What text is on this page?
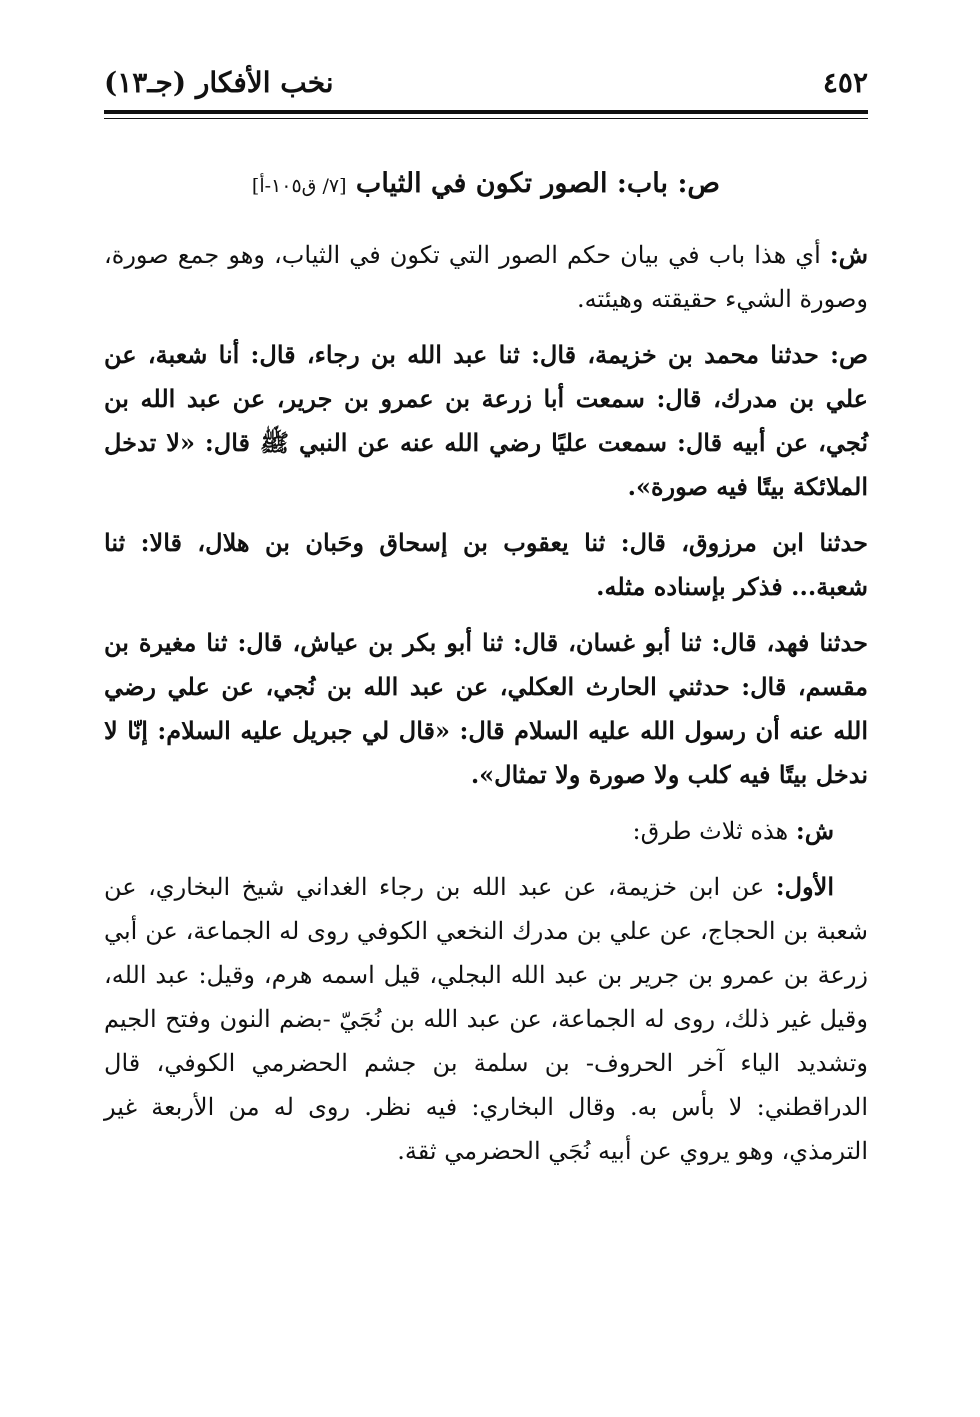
٤٥٢
نخب الأفكار (جـ١٣)
ص: باب: الصور تكون في الثياب [٧/ ق١٠٥-أ]

ش: أي هذا باب في بيان حكم الصور التي تكون في الثياب، وهو جمع صورة، وصورة الشيء حقيقته وهيئته.

ص: حدثنا محمد بن خزيمة، قال: ثنا عبد الله بن رجاء، قال: أنا شعبة، عن علي بن مدرك، قال: سمعت أبا زرعة بن عمرو بن جرير، عن عبد الله بن نُجي، عن أبيه قال: سمعت عليًا رضي الله عنه عن النبي ﷺ قال: «لا تدخل الملائكة بيتًا فيه صورة».

حدثنا ابن مرزوق، قال: ثنا يعقوب بن إسحاق وحَبان بن هلال، قالا: ثنا شعبة... فذكر بإسناده مثله.

حدثنا فهد، قال: ثنا أبو غسان، قال: ثنا أبو بكر بن عياش، قال: ثنا مغيرة بن مقسم، قال: حدثني الحارث العكلي، عن عبد الله بن نُجي، عن علي رضي الله عنه أن رسول الله عليه السلام قال: «قال لي جبريل عليه السلام: إنّا لا ندخل بيتًا فيه كلب ولا صورة ولا تمثال».

ش: هذه ثلاث طرق:

الأول: عن ابن خزيمة، عن عبد الله بن رجاء الغداني شيخ البخاري، عن شعبة بن الحجاج، عن علي بن مدرك النخعي الكوفي روى له الجماعة، عن أبي زرعة بن عمرو بن جرير بن عبد الله البجلي، قيل اسمه هرم، وقيل: عبد الله، وقيل غير ذلك، روى له الجماعة، عن عبد الله بن نُجَيّ -بضم النون وفتح الجيم وتشديد الياء آخر الحروف- بن سلمة بن جشم الحضرمي الكوفي، قال الدراقطني: لا بأس به. وقال البخاري: فيه نظر. روى له من الأربعة غير الترمذي، وهو يروي عن أبيه نُجَي الحضرمي ثقة.
